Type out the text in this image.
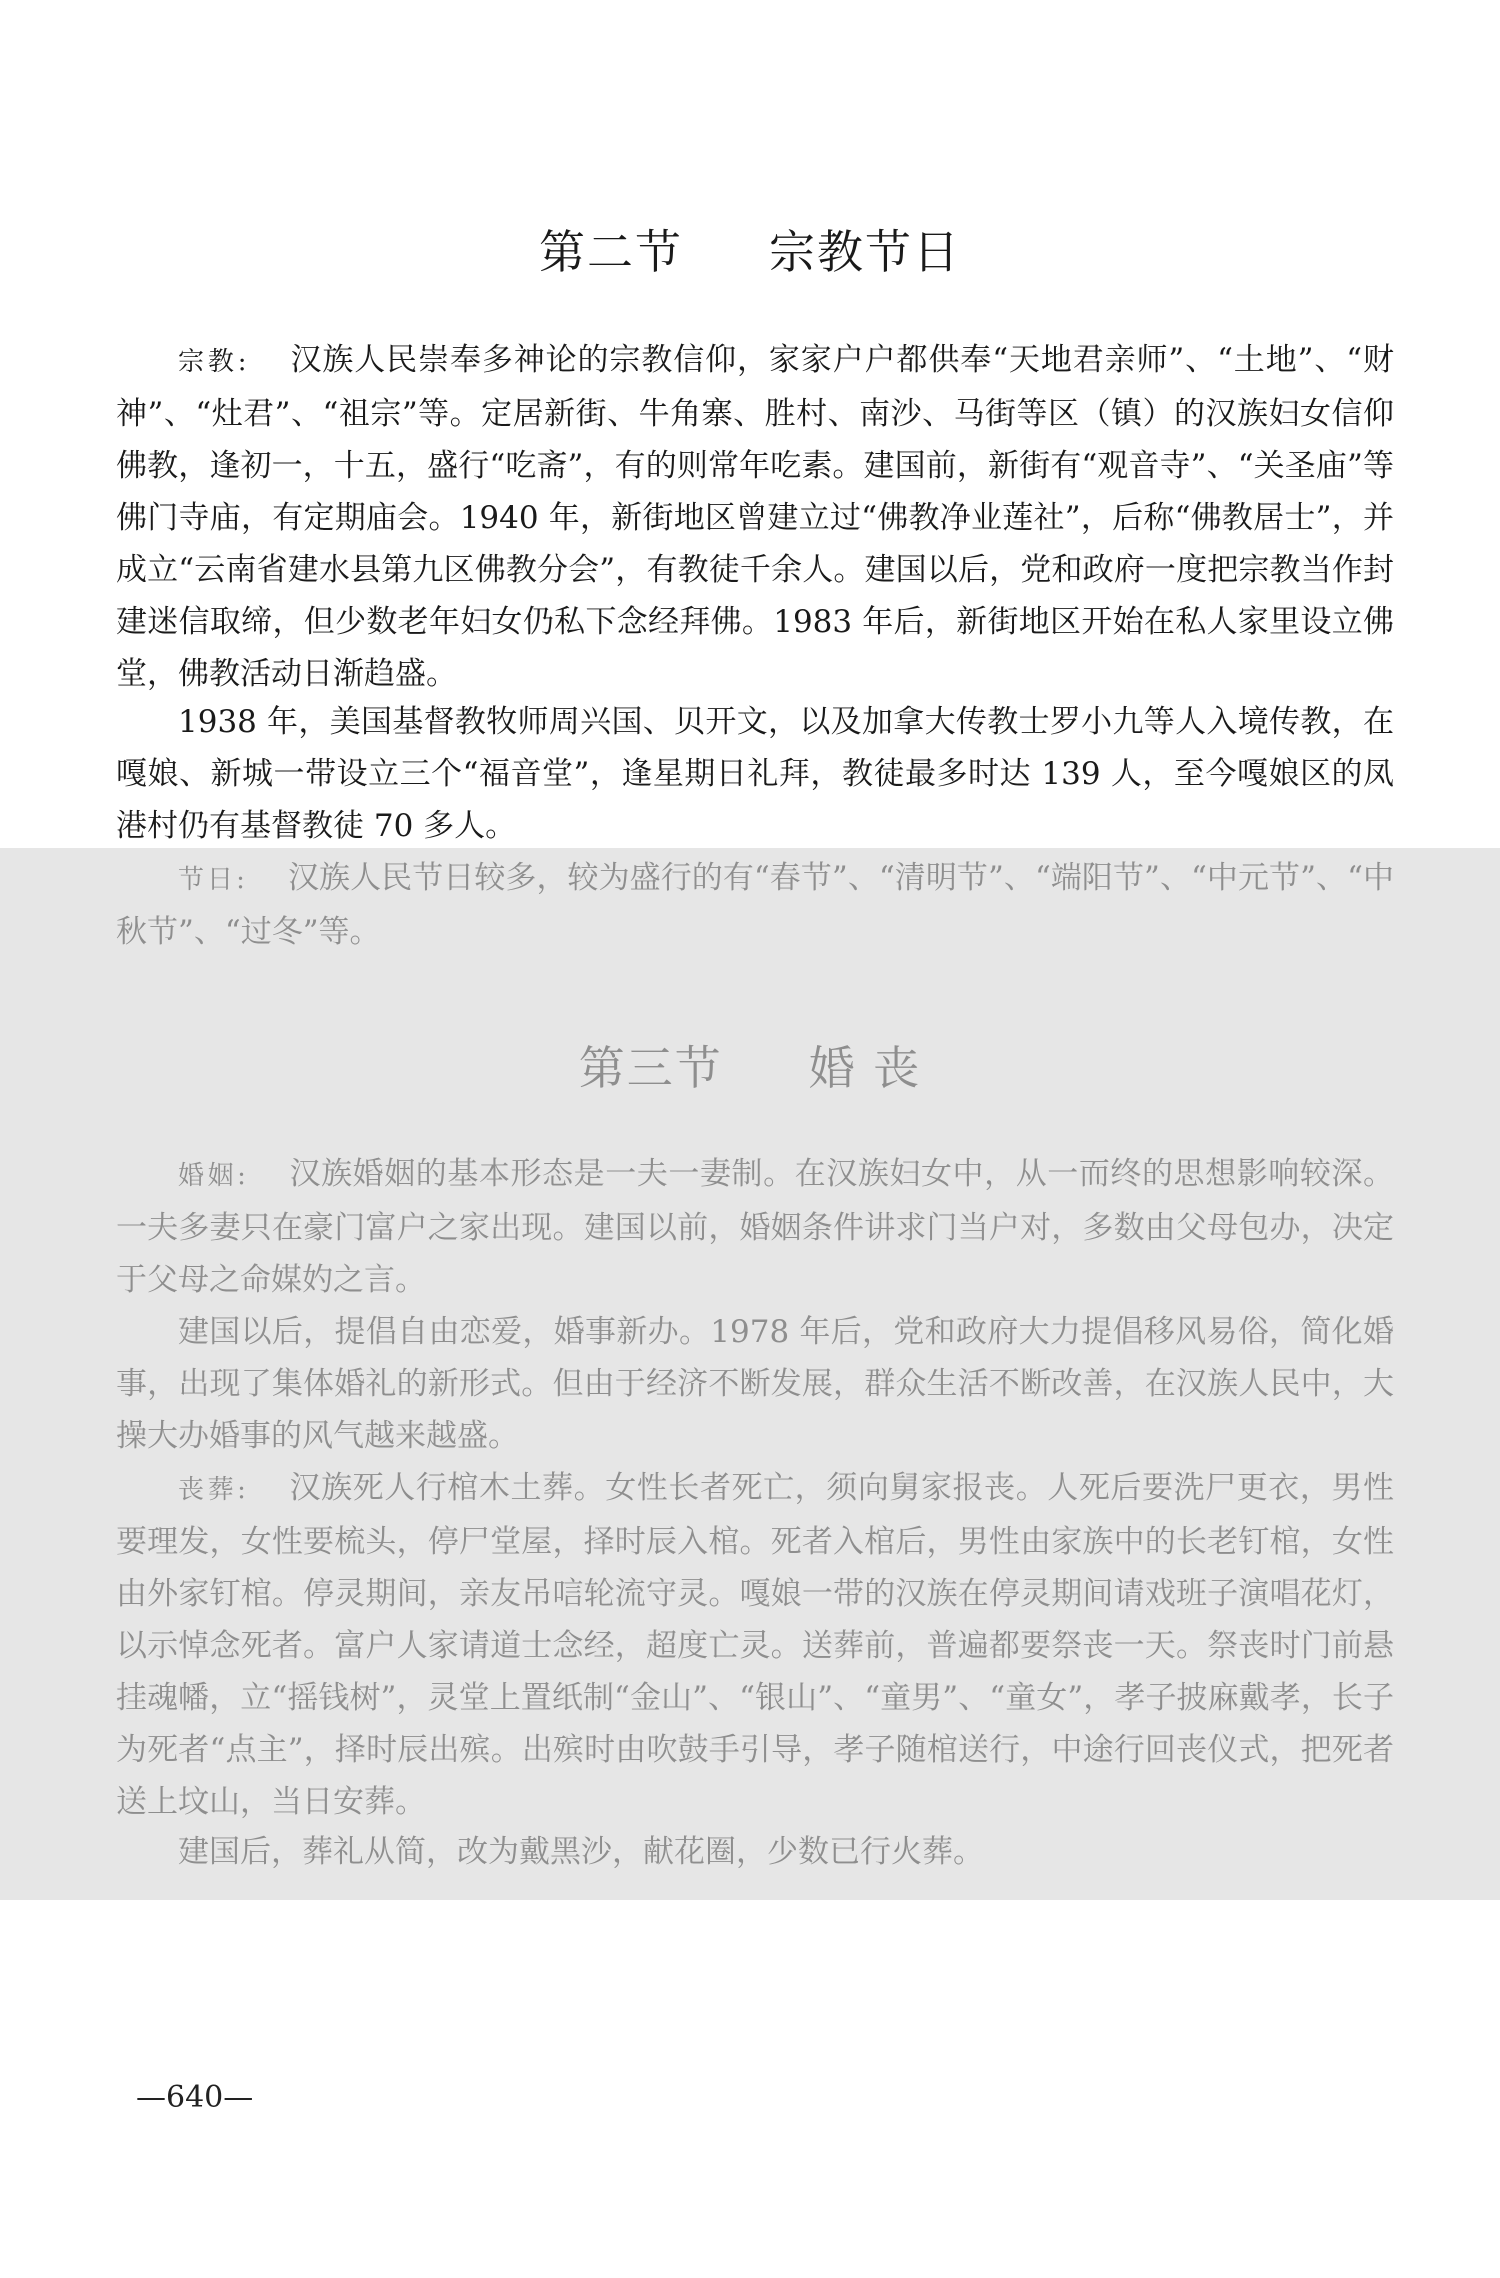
第二节 宗教节日

宗教: 汉族人民崇奉多神论的宗教信仰，家家户户都供奉“天地君亲师”、“土地”、“财神”、“灶君”、“祖宗”等。定居新街、牛角寨、胜村、南沙、马街等区（镇）的汉族妇女信仰佛教，逢初一，十五，盛行“吃斋”，有的则常年吃素。建国前，新街有“观音寺”、“关圣庙”等佛门寺庙，有定期庙会。1940 年，新街地区曾建立过“佛教净业莲社”，后称“佛教居士”，并成立“云南省建水县第九区佛教分会”，有教徒千余人。建国以后，党和政府一度把宗教当作封建迷信取缔，但少数老年妇女仍私下念经拜佛。1983 年后，新街地区开始在私人家里设立佛堂，佛教活动日渐趋盛。

1938 年，美国基督教牧师周兴国、贝开文，以及加拿大传教士罗小九等人入境传教，在嘎娘、新城一带设立三个“福音堂”，逢星期日礼拜，教徒最多时达 139 人，至今嘎娘区的凤港村仍有基督教徒 70 多人。

节日: 汉族人民节日较多，较为盛行的有“春节”、“清明节”、“端阳节”、“中元节”、“中秋节”、“过冬”等。

第三节 婚 丧

婚姻: 汉族婚姻的基本形态是一夫一妻制。在汉族妇女中，从一而终的思想影响较深。一夫多妻只在豪门富户之家出现。建国以前，婚姻条件讲求门当户对，多数由父母包办，决定于父母之命媒妁之言。

建国以后，提倡自由恋爱，婚事新办。1978 年后，党和政府大力提倡移风易俗，简化婚事，出现了集体婚礼的新形式。但由于经济不断发展，群众生活不断改善，在汉族人民中，大操大办婚事的风气越来越盛。

丧葬: 汉族死人行棺木土葬。女性长者死亡，须向舅家报丧。人死后要洗尸更衣，男性要理发，女性要梳头，停尸堂屋，择时辰入棺。死者入棺后，男性由家族中的长老钉棺，女性由外家钉棺。停灵期间，亲友吊唁轮流守灵。嘎娘一带的汉族在停灵期间请戏班子演唱花灯，以示悼念死者。富户人家请道士念经，超度亡灵。送葬前，普遍都要祭丧一天。祭丧时门前悬挂魂幡，立“摇钱树”，灵堂上置纸制“金山”、“银山”、“童男”、“童女”，孝子披麻戴孝，长子为死者“点主”，择时辰出殡。出殡时由吹鼓手引导，孝子随棺送行，中途行回丧仪式，把死者送上坟山，当日安葬。

建国后，葬礼从简，改为戴黑沙，献花圈，少数已行火葬。

—640—
